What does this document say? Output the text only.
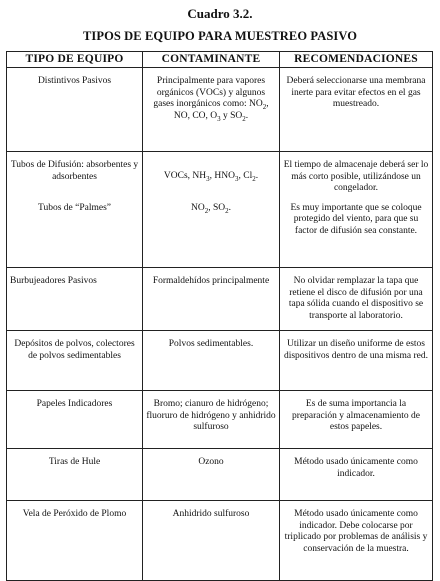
Cuadro 3.2.
TIPOS DE EQUIPO PARA MUESTREO PASIVO
TIPO DE EQUIPO	CONTAMINANTE	RECOMENDACIONES

Distintivos Pasivos	Principalmente para vapores orgánicos (VOCs) y algunos gases inorgánicos como: $NO_2$, NO, CO, $O_3$ y $SO_2$.	Deberá seleccionarse una membrana inerte para evitar efectos en el gas muestreado.

Tubos de Difusión: absorbentes y adsorbentes	VOCs, $NH_3$, $HNO_3$, $Cl_2$.	El tiempo de almacenaje deberá ser lo más corto posible, utilizándose un congelador.

Tubos de “Palmes”	$NO_2$, $SO_2$.	Es muy importante que se coloque protegido del viento, para que su factor de difusión sea constante.

Burbujeadores Pasivos	Formaldehídos principalmente	No olvidar remplazar la tapa que retiene el disco de difusión por una tapa sólida cuando el dispositivo se transporte al laboratorio.

Depósitos de polvos, colectores de polvos sedimentables	Polvos sedimentables.	Utilizar un diseño uniforme de estos dispositivos dentro de una misma red.

Papeles Indicadores	Bromo; cianuro de hidrógeno; fluoruro de hidrógeno y anhidrido sulfuroso	Es de suma importancia la preparación y almacenamiento de estos papeles.

Tiras de Hule	Ozono	Método usado únicamente como indicador.

Vela de Peróxido de Plomo	Anhidrido sulfuroso	Método usado únicamente como indicador. Debe colocarse por triplicado por problemas de análisis y conservación de la muestra.
